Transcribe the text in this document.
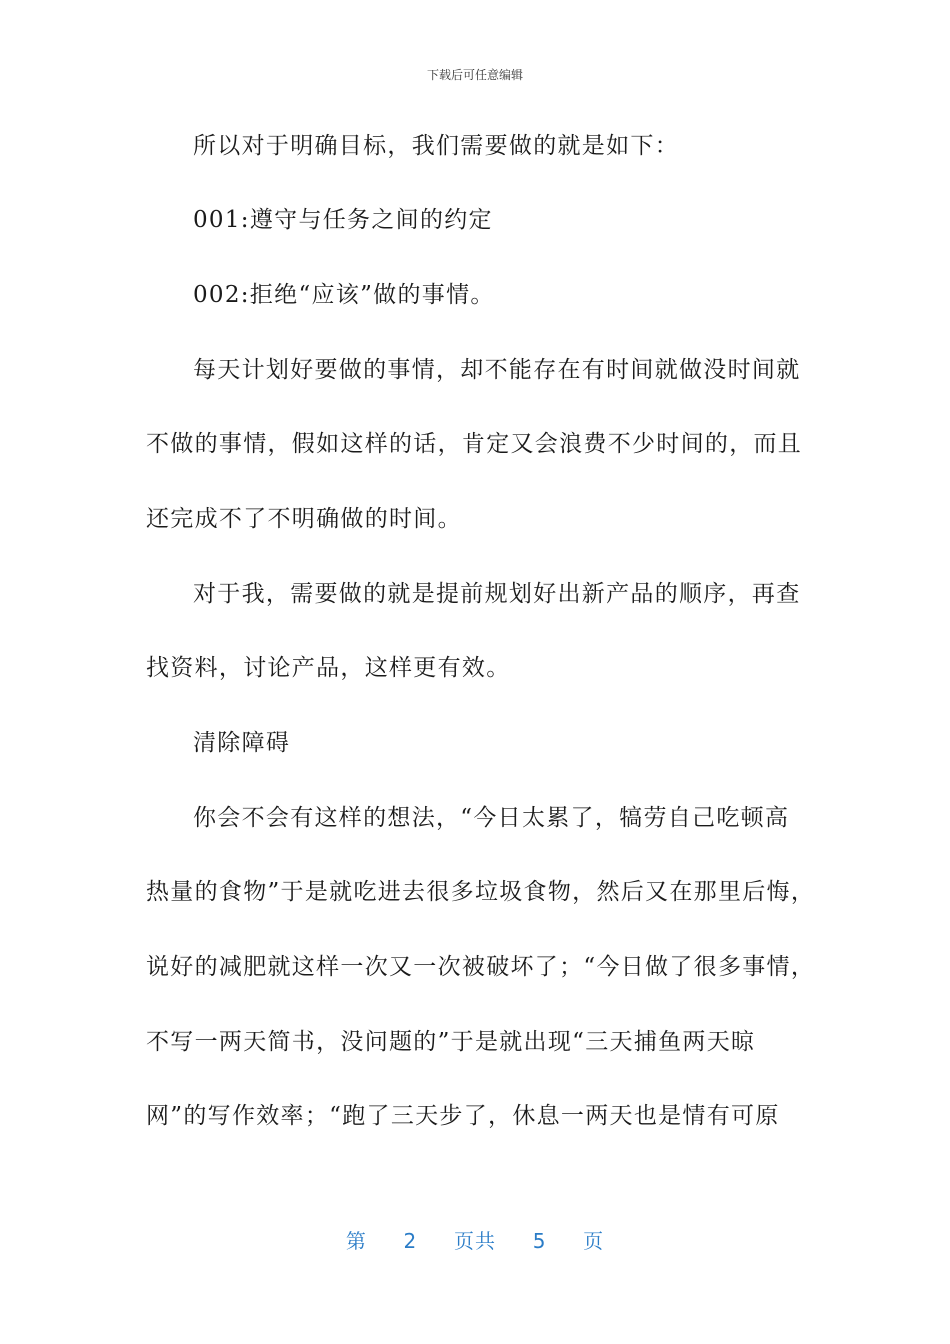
下载后可任意编辑
所以对于明确目标，我们需要做的就是如下：
001:遵守与任务之间的约定
002:拒绝“应该”做的事情。
每天计划好要做的事情，却不能存在有时间就做没时间就
不做的事情，假如这样的话，肯定又会浪费不少时间的，而且
还完成不了不明确做的时间。
对于我，需要做的就是提前规划好出新产品的顺序，再查
找资料，讨论产品，这样更有效。
清除障碍
你会不会有这样的想法，“今日太累了，犒劳自己吃顿高
热量的食物”于是就吃进去很多垃圾食物，然后又在那里后悔，
说好的减肥就这样一次又一次被破坏了；“今日做了很多事情，
不写一两天简书，没问题的”于是就出现“三天捕鱼两天晾
网”的写作效率；“跑了三天步了，休息一两天也是情有可原
第 2 页共 5 页
